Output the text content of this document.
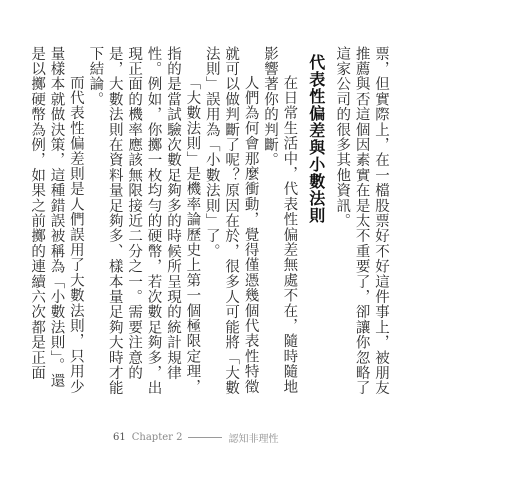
票，但實際上，在一檔股票好不好這件事上，被朋友推薦與否這個因素實在是太不重要了，卻讓你忽略了這家公司的很多其他資訊。

代表性偏差與小數法則

在日常生活中，代表性偏差無處不在，隨時隨地影響著你的判斷。

人們為何會那麼衝動，覺得僅憑幾個代表性特徵就可以做判斷了呢？原因在於，很多人可能將「大數法則」誤用為「小數法則」了。

「大數法則」是機率論歷史上第一個極限定理，指的是當試驗次數足夠多的時候所呈現的統計規律性。例如，你擲一枚均勻的硬幣，若次數足夠多，出現正面的機率應該無限接近二分之一。需要注意的是，大數法則在資料量足夠多、樣本量足夠大時才能下結論。

而代表性偏差則是人們誤用了大數法則，只用少量樣本就做決策，這種錯誤被稱為「小數法則」。還是以擲硬幣為例，如果之前擲的連續六次都是正面

61 Chapter 2	認知非理性
